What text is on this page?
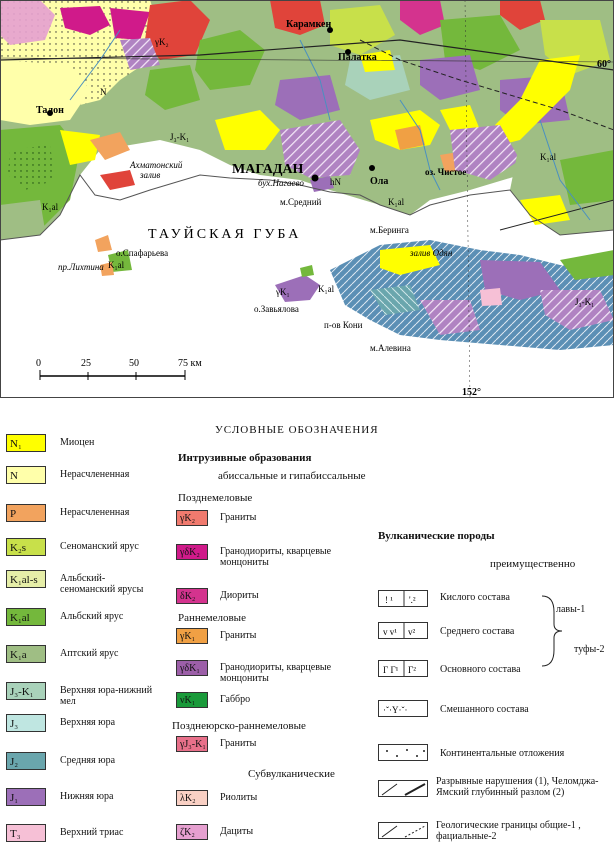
Талон
Карамкен
Палатка
МАГАДАН
Ола
оз. Чистое
Ахматонский
залив
бух.Нагаево
м.Средний
ТАУЙСКАЯ ГУБА	м.Беринга
залив Одян
о.Спафарьева
пр.Лихтина
о.Завьялова
п-ов Кони
м.Алевина
60°
152°
J₃-K₁
K₁al
K₁al
K₁al
γK₂
γK₁
N
hN
J₃-K₁
K₁al
K₁al
0	25	50	75 км
УСЛОВНЫЕ ОБОЗНАЧЕНИЯ
N₁	Миоцен
N	Нерасчлененная
P	Нерасчлененная
K₂s	Сеноманский ярус
K₁al-s	Альбский-сеноманский ярусы
K₁al	Альбский ярус
K₁a	Аптский ярус
J₃-K₁	Верхняя юра-нижний мел
J₃	Верхняя юра
J₂	Средняя юра
J₁	Нижняя юра
T₃	Верхний триас
Интрузивные образования
абиссальные и гипабиссальные
Позднемеловые
Раннемеловые
Позднеюрско-раннемеловые
Субвулканические
γK₂	Граниты
γδK₂	Гранодиориты, кварцевые монцониты
δK₂	Диориты
γK₁	Граниты
γδK₁	Гранодиориты, кварцевые монцониты
νK₁	Габбро
γJ₃-K₁ Граниты
λK₂	Риолиты
ζK₂	Дациты
Вулканические породы
преимущественно
! ¹ '.² Кислого состава
v v¹ v² Среднего состава
Г Г¹ Г² Основного состава
лавы-1
туфы-2
·ˇ·Y·ˇ·	Смешанного состава
Континентальные отложения
Разрывные нарушения (1), Челомджа-Ямский глубинный разлом (2)
Геологические границы общие-1 , фациальные-2
